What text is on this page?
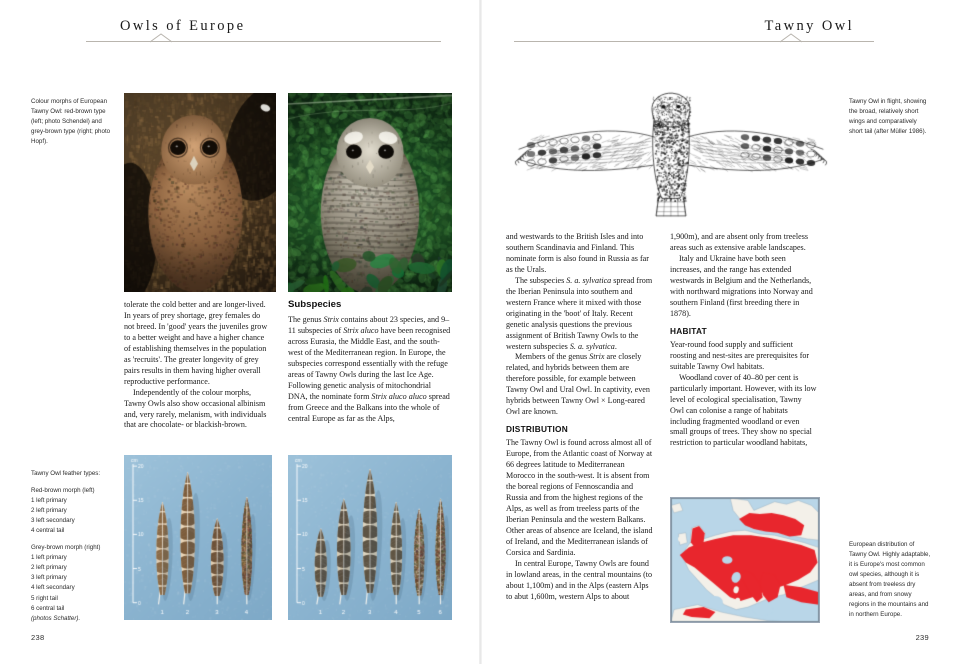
Owls of Europe
Colour morphs of European Tawny Owl: red-brown type (left; photo Schendel) and grey-brown type (right; photo Hopf).

tolerate the cold better and are longer-lived. In years of prey shortage, grey females do not breed. In 'good' years the juveniles grow to a better weight and have a higher chance of establishing themselves in the population as 'recruits'. The greater longevity of grey pairs results in them having higher overall reproductive performance.

Independently of the colour morphs, Tawny Owls also show occasional albinism and, very rarely, melanism, with individuals that are chocolate- or blackish-brown.

Subspecies

The genus Strix contains about 23 species, and 9–11 subspecies of Strix aluco have been recognised across Eurasia, the Middle East, and the south-west of the Mediterranean region. In Europe, the subspecies correspond essentially with the refuge areas of Tawny Owls during the last Ice Age. Following genetic analysis of mitochondrial DNA, the nominate form Strix aluco aluco spread from Greece and the Balkans into the whole of central Europe as far as the Alps,

Tawny Owl feather types:
Red-brown morph (left)
1 left primary
2 left primary
3 left secondary
4 central tail
Grey-brown morph (right)
1 left primary
2 left primary
3 left primary
4 left secondary
5 right tail
6 central tail
(photos Schatter).
238
Tawny Owl
Tawny Owl in flight, showing the broad, relatively short wings and comparatively short tail (after Müller 1986).

and westwards to the British Isles and into southern Scandinavia and Finland. This nominate form is also found in Russia as far as the Urals.

The subspecies S. a. sylvatica spread from the Iberian Peninsula into southern and western France where it mixed with those originating in the 'boot' of Italy. Recent genetic analysis questions the previous assignment of British Tawny Owls to the western subspecies S. a. sylvatica.

Members of the genus Strix are closely related, and hybrids between them are therefore possible, for example between Tawny Owl and Ural Owl. In captivity, even hybrids between Tawny Owl × Long-eared Owl are known.

DISTRIBUTION

The Tawny Owl is found across almost all of Europe, from the Atlantic coast of Norway at 66 degrees latitude to Mediterranean Morocco in the south-west. It is absent from the boreal regions of Fennoscandia and Russia and from the highest regions of the Alps, as well as from treeless parts of the Iberian Peninsula and the western Balkans. Other areas of absence are Iceland, the island of Ireland, and the Mediterranean islands of Corsica and Sardinia.

In central Europe, Tawny Owls are found in lowland areas, in the central mountains (to about 1,100m) and in the Alps (eastern Alps to abut 1,600m, western Alps to about

1,900m), and are absent only from treeless areas such as extensive arable landscapes.

Italy and Ukraine have both seen increases, and the range has extended westwards in Belgium and the Netherlands, with northward migrations into Norway and southern Finland (first breeding there in 1878).

HABITAT

Year-round food supply and sufficient roosting and nest-sites are prerequisites for suitable Tawny Owl habitats.

Woodland cover of 40–80 per cent is particularly important. However, with its low level of ecological specialisation, Tawny Owl can colonise a range of habitats including fragmented woodland or even small groups of trees. They show no special restriction to particular woodland habitats,

European distribution of Tawny Owl. Highly adaptable, it is Europe's most common owl species, although it is absent from treeless dry areas, and from snowy regions in the mountains and in northern Europe.
239
